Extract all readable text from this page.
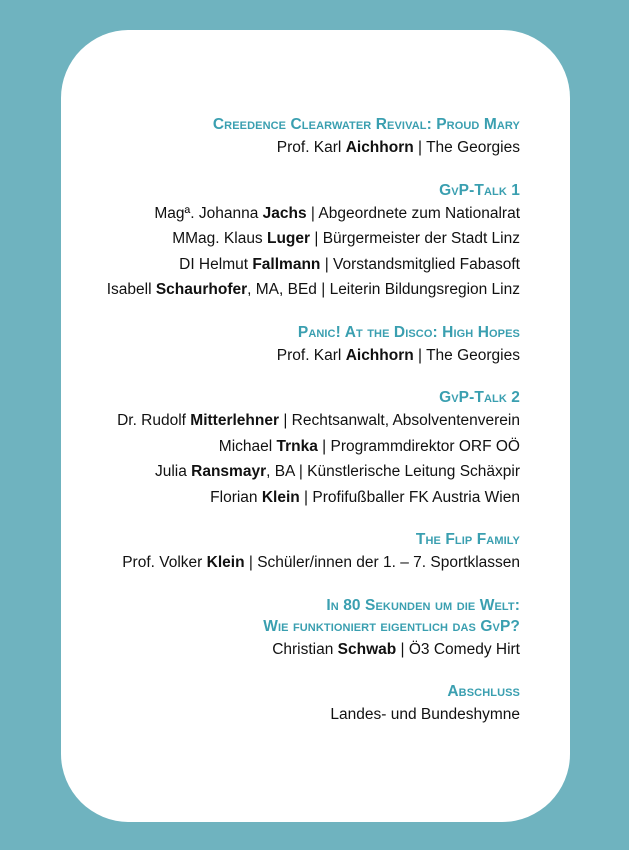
Creedence Clearwater Revival: Proud Mary
Prof. Karl Aichhorn | The Georgies
GvP-Talk 1
Magª. Johanna Jachs | Abgeordnete zum Nationalrat
MMag. Klaus Luger | Bürgermeister der Stadt Linz
DI Helmut Fallmann | Vorstandsmitglied Fabasoft
Isabell Schaurhofer, MA, BEd | Leiterin Bildungsregion Linz
Panic! At the Disco: High Hopes
Prof. Karl Aichhorn | The Georgies
GvP-Talk 2
Dr. Rudolf Mitterlehner | Rechtsanwalt, Absolventenverein
Michael Trnka | Programmdirektor ORF OÖ
Julia Ransmayr, BA | Künstlerische Leitung Schäxpir
Florian Klein | Profifußballer FK Austria Wien
The Flip Family
Prof. Volker Klein | Schüler/innen der 1. – 7. Sportklassen
In 80 Sekunden um die Welt:
Wie funktioniert eigentlich das GvP?
Christian Schwab | Ö3 Comedy Hirt
Abschluss
Landes- und Bundeshymne
